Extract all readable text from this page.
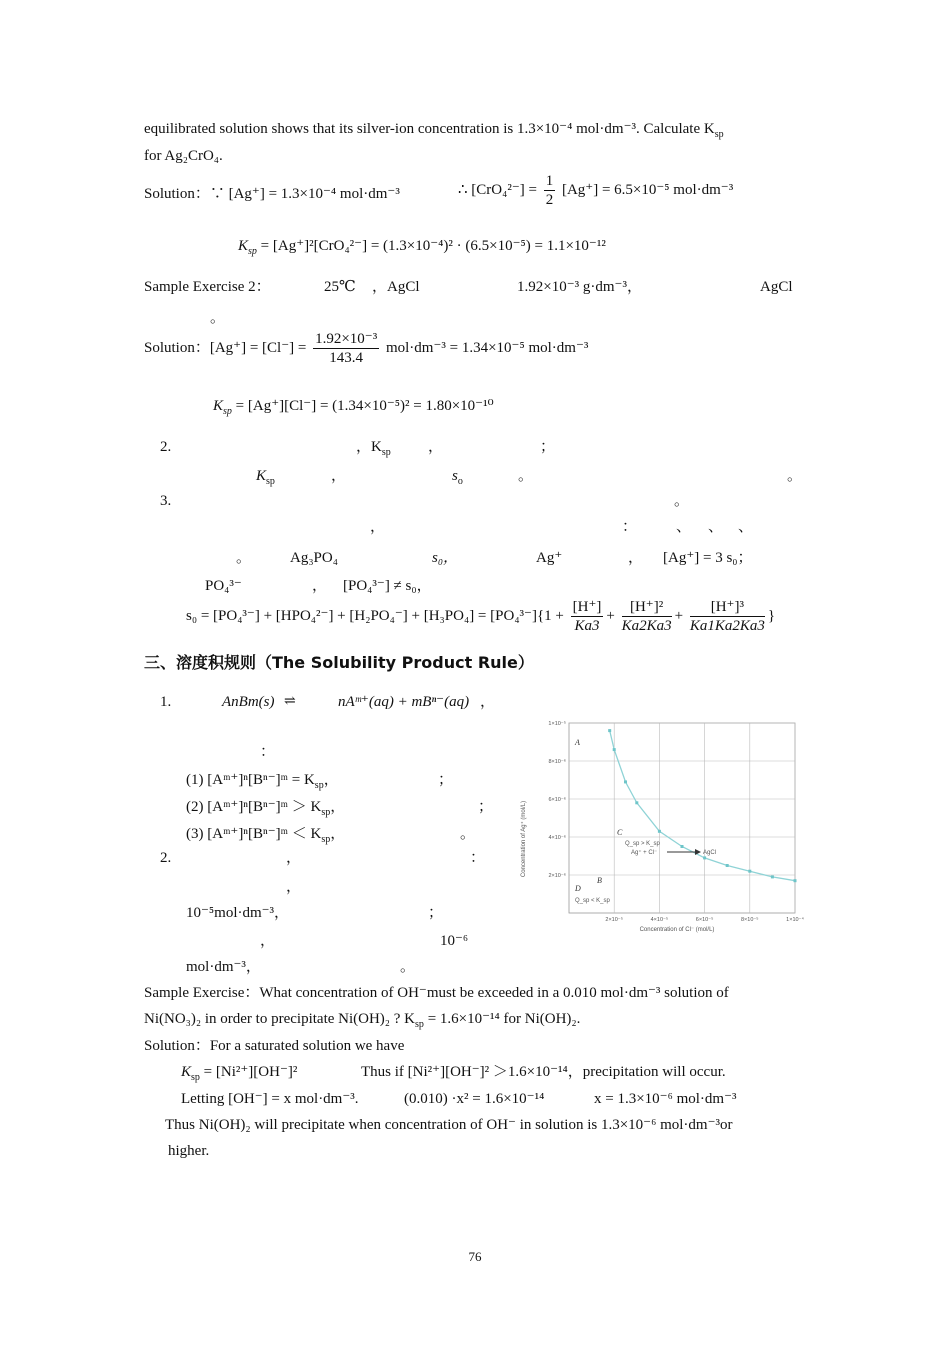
equilibrated solution shows that its silver-ion concentration is 1.3×10⁻⁴ mol·dm⁻³. Calculate $K_{sp}$
for Ag₂CrO₄.
Solution：∵ [Ag⁺] = 1.3×10⁻⁴ mol·dm⁻³	∴ $[CrO_4^{2-}] = \frac{1}{2} [Ag^+] = 6.5\times 10^{-5}$ mol·dm⁻³
$K_{sp} = [Ag^+]^2[CrO_4^{2-}] = (1.3\times 10^{-4})^2 \cdot (6.5\times 10^{-5}) = 1.1\times 10^{-12}$
Sample Exercise 2：	25℃ ，AgCl	1.92×10⁻³ g·dm⁻³，	AgCl
。
Solution：$[Ag^+] = [Cl^-] = \frac{\text{1.92×10⁻³}}{143.4} mol\cdot dm^{-3} = 1.34\times 10^{-5}$ mol·dm⁻³
$K_{sp} = [Ag^+][Cl^-] = (1.34\times 10^{-5})^2 = 1.80\times 10^{-10}$
2.	，$K_{sp}$ ，	；
$K_{sp}$	，	$s_o$	。	。
3.	。
，	：	、 、 、
。	Ag₃PO₄	s₀，	Ag⁺	， [Ag⁺] = 3 s₀；
PO₄³⁻	， [PO₄³⁻] ≠ s₀，
$s_0 = [PO_4^{3-}] + [HPO_4^{2-}] + [H_2PO_4^-] + [H_3PO_4] = [PO_4^{3-}]\{1 + \frac{[H^+]}{Ka3} + \frac{\text{[H⁺]²}}{Ka2Ka3} + \frac{\text{[H⁺]³}}{Ka1Ka2Ka3}$ }
三、溶度积规则（The Solubility Product Rule）
1.	AnBm(s) ⇌	nAᵐ⁺(aq) + mBⁿ⁻(aq) ，
：
(1) [Aᵐ⁺]ⁿ[Bⁿ⁻]ᵐ = $K_{sp}$，	；
(2) [Aᵐ⁺]ⁿ[Bⁿ⁻]ᵐ ＞ $K_{sp}$，	；
(3) [Aᵐ⁺]ⁿ[Bⁿ⁻]ᵐ ＜ $K_{sp}$，	。
2.	，	：
，
10⁻⁵mol·dm⁻³，	；
，	10⁻⁶
mol·dm⁻³，	。
2×10⁻⁶
2×10⁻⁵
4×10⁻⁶
4×10⁻⁵
6×10⁻⁶
6×10⁻⁵
8×10⁻⁶
8×10⁻⁵
1×10⁻⁵
1×10⁻⁴
Concentration of Ag⁺ (mol/L)
Concentration of Cl⁻ (mol/L)
A
B
C
D
Q_sp > K_sp
Ag⁺ + Cl⁻	AgCl
Q_sp < K_sp
Sample Exercise：What concentration of OH⁻must be exceeded in a 0.010 mol·dm⁻³ solution of
Ni(NO₃)₂ in order to precipitate Ni(OH)₂ ? $K_{sp} = 1.6\times 10^{-14}$ for Ni(OH)₂.
Solution：For a saturated solution we have
$K_{sp} = [Ni^{2+}][OH^-]^2$	Thus if [Ni²⁺][OH⁻]² ＞1.6×10⁻¹⁴，precipitation will occur.
Letting [OH⁻] = x mol·dm⁻³.	(0.010) ·x² = 1.6×10⁻¹⁴	x = 1.3×10⁻⁶ mol·dm⁻³
Thus Ni(OH)₂ will precipitate when concentration of OH⁻ in solution is 1.3×10⁻⁶ mol·dm⁻³or
higher.
76
